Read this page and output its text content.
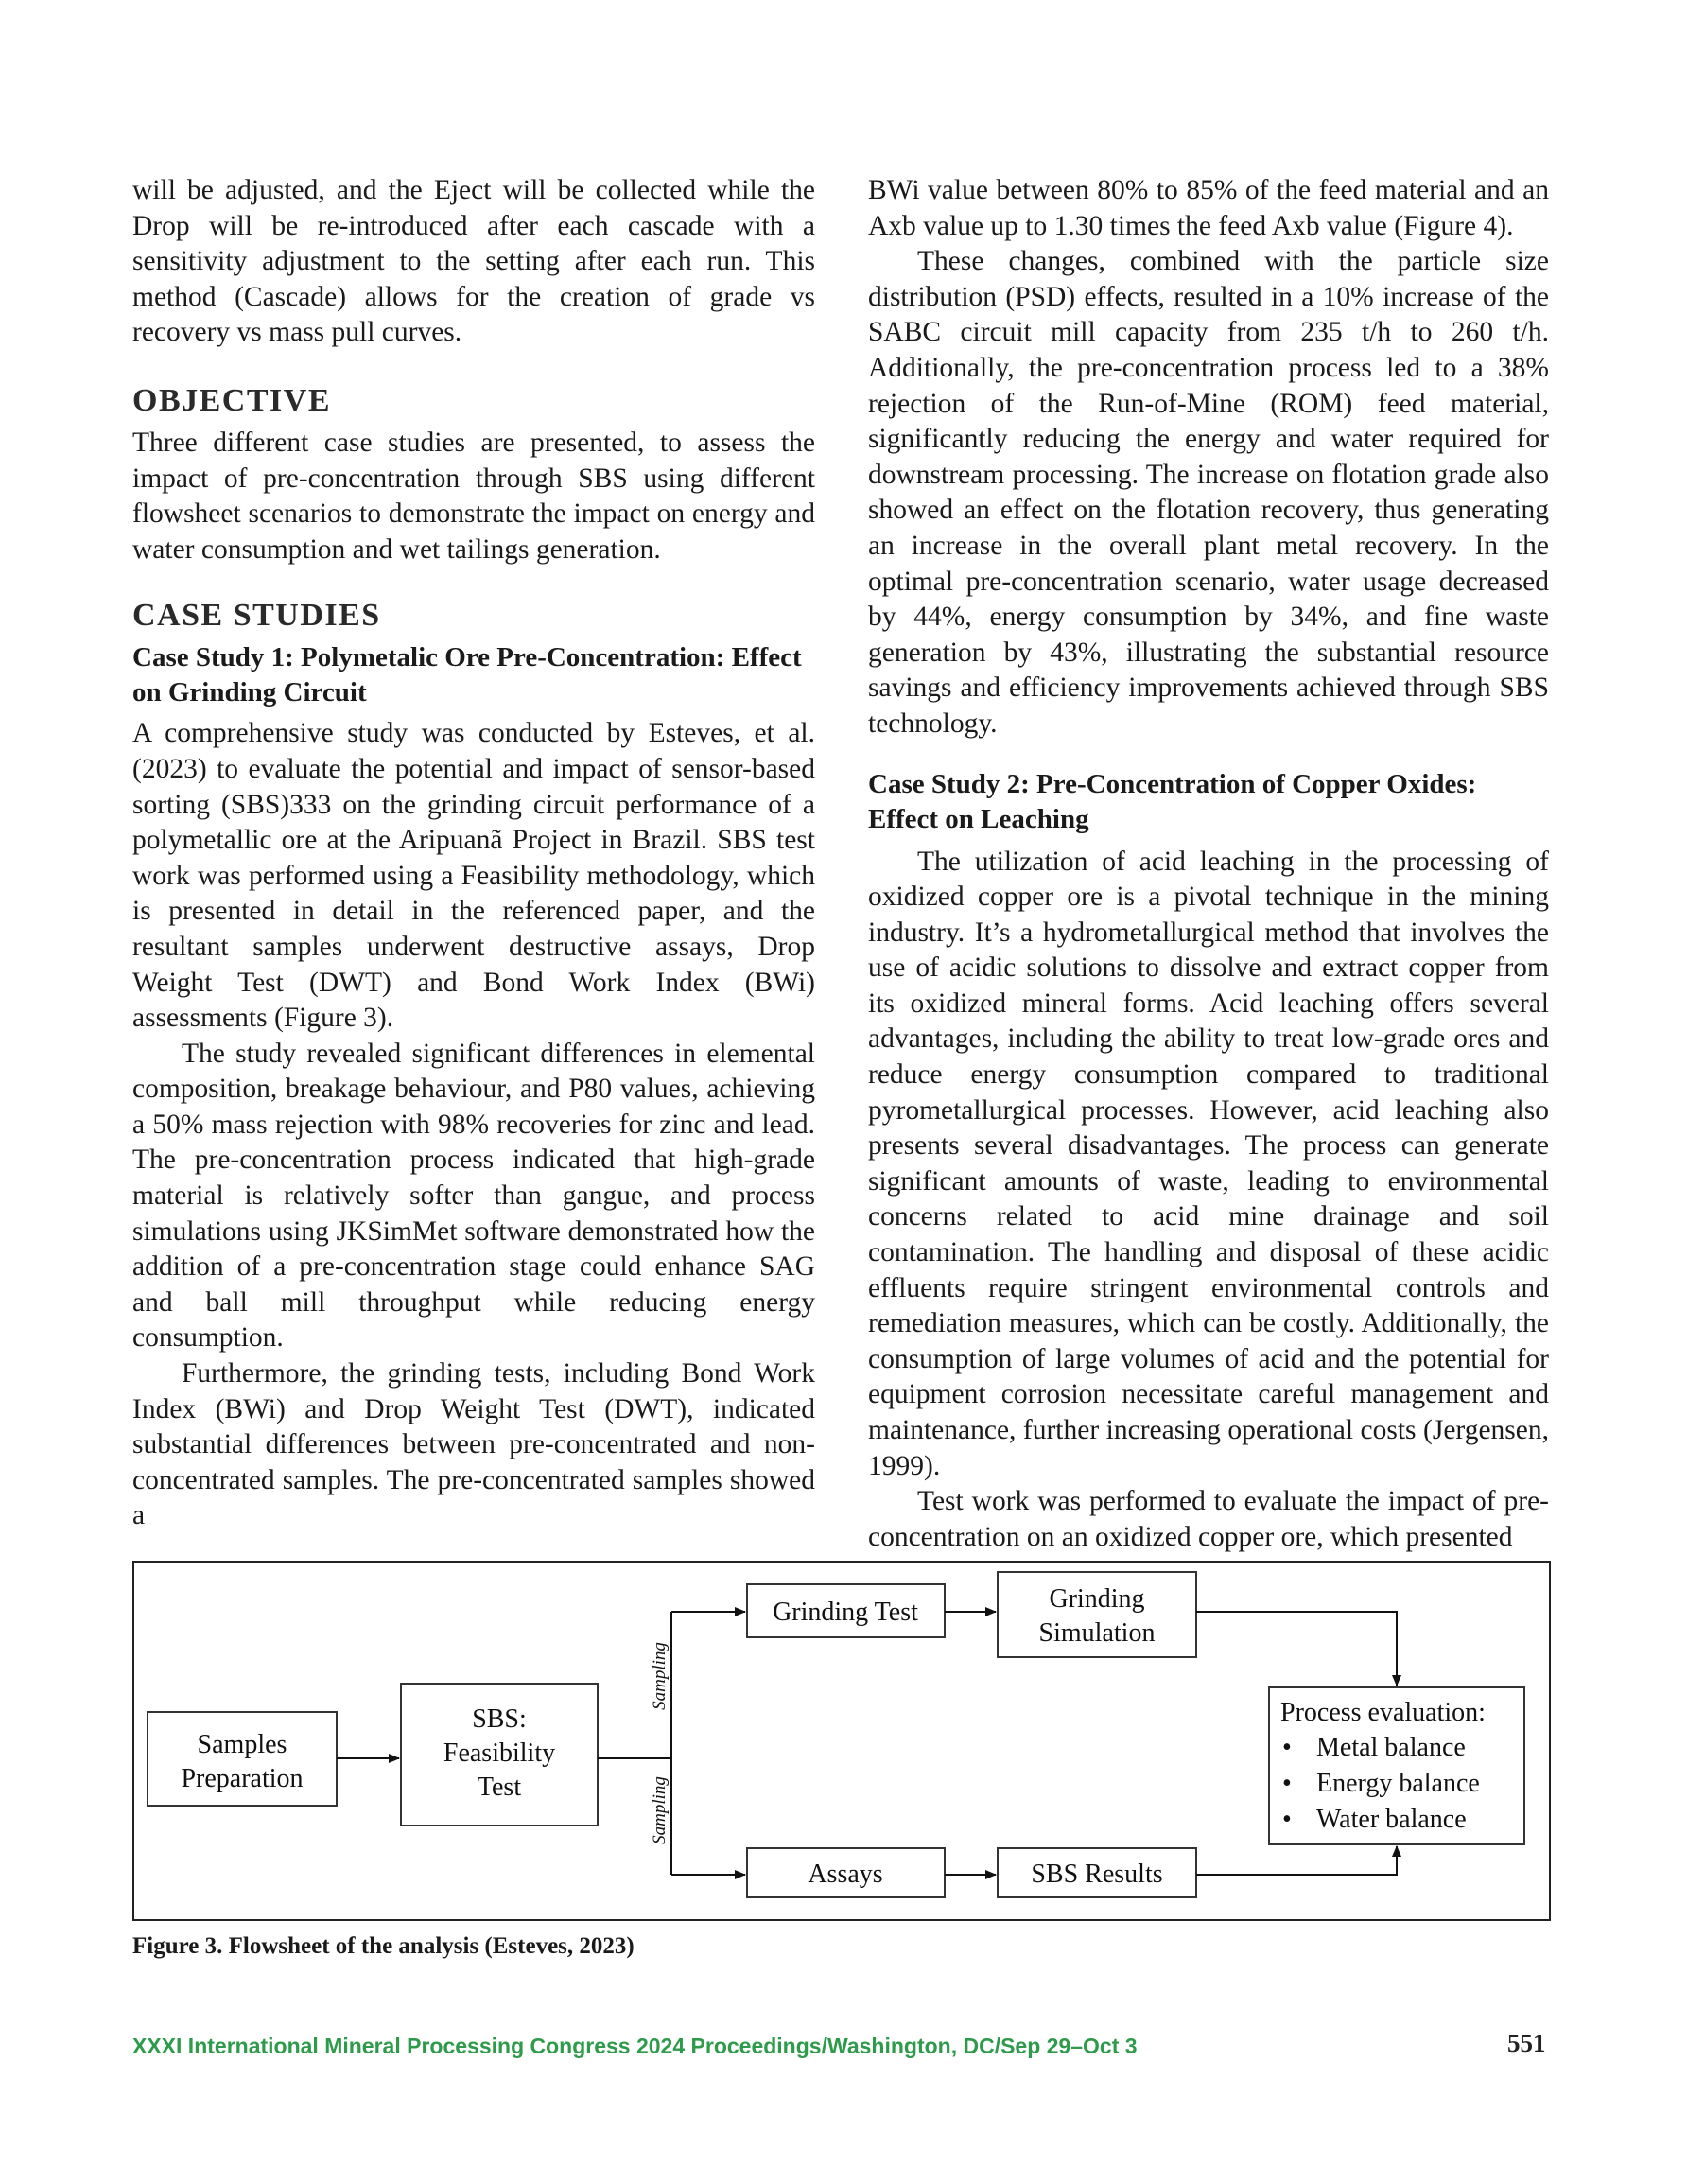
will be adjusted, and the Eject will be collected while the Drop will be re-introduced after each cascade with a sensitivity adjustment to the setting after each run. This method (Cascade) allows for the creation of grade vs recovery vs mass pull curves.

OBJECTIVE

Three different case studies are presented, to assess the impact of pre-concentration through SBS using different flowsheet scenarios to demonstrate the impact on energy and water consumption and wet tailings generation.

CASE STUDIES
Case Study 1: Polymetalic Ore Pre-Concentration: Effect on Grinding Circuit

A comprehensive study was conducted by Esteves, et al. (2023) to evaluate the potential and impact of sensor-based sorting (SBS)333 on the grinding circuit performance of a polymetallic ore at the Aripuanã Project in Brazil. SBS test work was performed using a Feasibility methodology, which is presented in detail in the referenced paper, and the resultant samples underwent destructive assays, Drop Weight Test (DWT) and Bond Work Index (BWi) assessments (Figure 3).

The study revealed significant differences in elemental composition, breakage behaviour, and P80 values, achieving a 50% mass rejection with 98% recoveries for zinc and lead. The pre-concentration process indicated that high-grade material is relatively softer than gangue, and process simulations using JKSimMet software demonstrated how the addition of a pre-concentration stage could enhance SAG and ball mill throughput while reducing energy consumption.

Furthermore, the grinding tests, including Bond Work Index (BWi) and Drop Weight Test (DWT), indicated substantial differences between pre-concentrated and non-concentrated samples. The pre-concentrated samples showed a

BWi value between 80% to 85% of the feed material and an Axb value up to 1.30 times the feed Axb value (Figure 4).

These changes, combined with the particle size distribution (PSD) effects, resulted in a 10% increase of the SABC circuit mill capacity from 235 t/h to 260 t/h. Additionally, the pre-concentration process led to a 38% rejection of the Run-of-Mine (ROM) feed material, significantly reducing the energy and water required for downstream processing. The increase on flotation grade also showed an effect on the flotation recovery, thus generating an increase in the overall plant metal recovery. In the optimal pre-concentration scenario, water usage decreased by 44%, energy consumption by 34%, and fine waste generation by 43%, illustrating the substantial resource savings and efficiency improvements achieved through SBS technology.

Case Study 2: Pre-Concentration of Copper Oxides: Effect on Leaching

The utilization of acid leaching in the processing of oxidized copper ore is a pivotal technique in the mining industry. It’s a hydrometallurgical method that involves the use of acidic solutions to dissolve and extract copper from its oxidized mineral forms. Acid leaching offers several advantages, including the ability to treat low-grade ores and reduce energy consumption compared to traditional pyrometallurgical processes. However, acid leaching also presents several disadvantages. The process can generate significant amounts of waste, leading to environmental concerns related to acid mine drainage and soil contamination. The handling and disposal of these acidic effluents require stringent environmental controls and remediation measures, which can be costly. Additionally, the consumption of large volumes of acid and the potential for equipment corrosion necessitate careful management and maintenance, further increasing operational costs (Jergensen, 1999).

Test work was performed to evaluate the impact of pre-concentration on an oxidized copper ore, which presented

Samples
Preparation
SBS:
Feasibility
Test
Sampling
Sampling
Grinding Test	Grinding
Simulation
Assays	SBS Results
Process evaluation:
• Metal balance
• Energy balance
• Water balance
Figure 3. Flowsheet of the analysis (Esteves, 2023)
XXXI International Mineral Processing Congress 2024 Proceedings/Washington, DC/Sep 29–Oct 3	551
